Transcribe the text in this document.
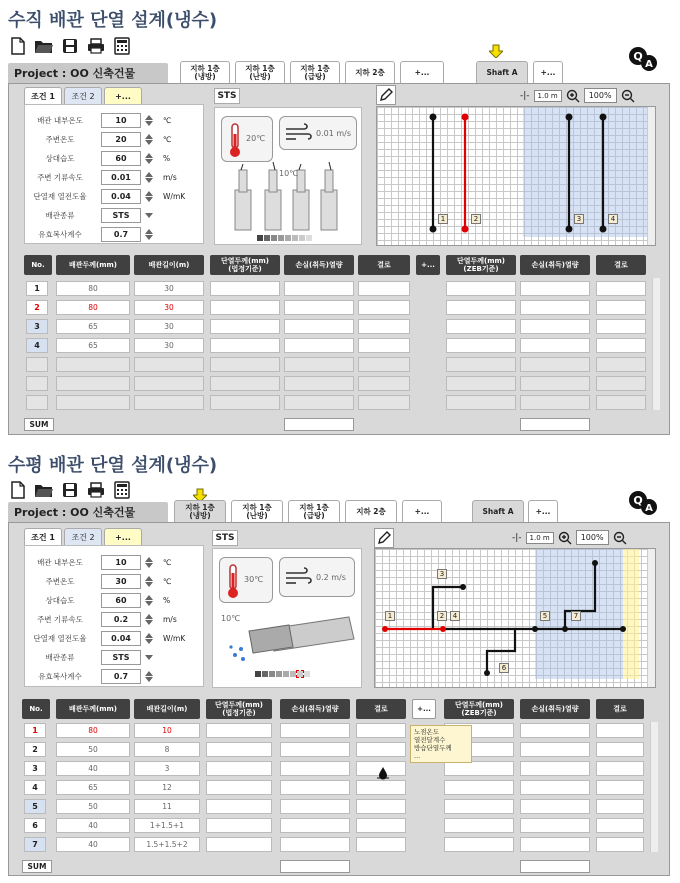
수직 배관 단열 설계(냉수)
Q
A
Project : OO 신축건물	지하 1층
(냉방)
지하 1층
(난방)
지하 1층
(급탕)	지하 2층	+...	Shaft A	+...
조건 1	조건 2	+...
배관 내부온도	10	℃
주변온도	20	℃
상대습도	60	%
주변 기류속도	0.01	m/s
단열재 열전도율	0.04	W/mK
배관종류	STS
유효복사계수	0.7
STS
20℃
0.01 m/s
10℃
-|-	1.0 m	100%
1	2	3	4
No.	배관두께(mm)	배관길이(m)	단열두께(mm)
(법정기준)	손실(취득)열량	결로	+...	단열두께(mm)
(ZEB기준)	손실(취득)열량	결로
1	80	30
2	80	30
3	65	30
4	65	30
SUM
수평 배관 단열 설계(냉수)
Q
A
Project : OO 신축건물	지하 1층
(냉방)
지하 1층
(난방)
지하 1층
(급탕)	지하 2층	+...	Shaft A	+...
조건 1	조건 2	+...
배관 내부온도	10	℃
주변온도	30	℃
상대습도	60	%
주변 기류속도	0.2	m/s
단열재 열전도율	0.04	W/mK
배관종류	STS
유효복사계수	0.7
STS
30℃	0.2 m/s
10℃
-|-	1.0 m	100%
1	2
3
4	5
6
7
No.	배관두께(mm)	배관길이(m)	단열두께(mm)
(법정기준)	손실(취득)열량	결로	+...	단열두께(mm)
(ZEB기준)	손실(취득)열량	결로
1	80	10
2	50	8
3	40	3
4	65	12
5	50	11
6	40	1+1.5+1
7	40	1.5+1.5+2
노점온도
열전달계수
방습단열두께
...
SUM
